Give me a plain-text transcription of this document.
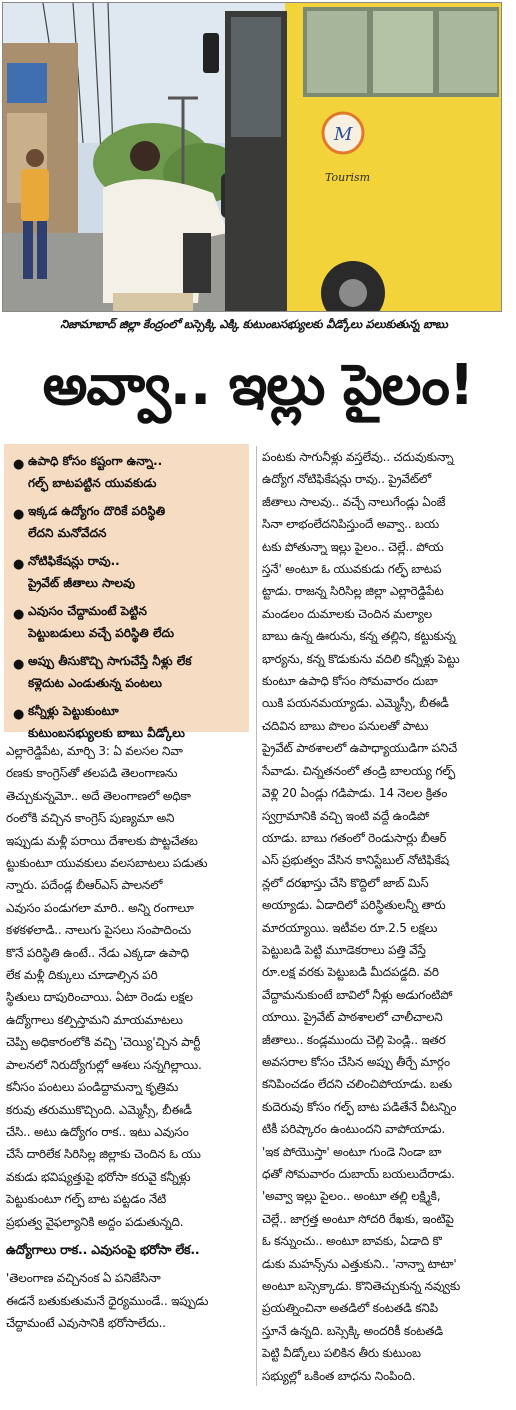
M
Tourism
నిజామాబాద్‌ జిల్లా కేంద్రంలో బస్సెక్కి ఎక్కి కుటుంబసభ్యులకు వీడ్కోలు పలుకుతున్న బాబు
అవ్వా.. ఇల్లు పైలం!
● ఉపాధి కోసం కష్టంగా ఉన్నా..
గల్ఫ్‌ బాటపట్టిన యువకుడు
● ఇక్కడ ఉద్యోగం దొరికే పరిస్థితి
లేదని మనోవేదన
● నోటిఫికేషన్లు రావు..
ప్రైవేట్‌ జీతాలు సాలవు
● ఎవుసం చేద్దామంటే పెట్టిన
పెట్టుబడులు వచ్చే పరిస్థితి లేదు
● అప్పు తీసుకొచ్చి సాగుచేస్తే నీళ్లు లేక
కళ్లెదుట ఎండుతున్న పంటలు
● కన్నీళ్లు పెట్టుకుంటూ
కుటుంబసభ్యులకు బాబు వీడ్కోలు
ఎల్లారెడ్డిపేట, మార్చి 3: ఏ వలసల నివా
రణకు కాంగ్రెస్‌తో తలపడి తెలంగాణను
తెచ్చుకున్నమో.. అదే తెలంగాణలో అధికా
రంలోకి వచ్చిన కాంగ్రెస్‌ పుణ్యమా అని
ఇప్పుడు మళ్లీ పరాయి దేశాలకు పొట్టచేతబ
ట్టుకుంటూ యువకులు వలసబాటలు పడుతు
న్నారు. పదేండ్ల బీఆర్‌ఎస్‌ పాలనలో
ఎవుసం పండుగలా మారి.. అన్ని రంగాలూ
కళకళలాడి.. నాలుగు పైసలు సంపాదించు
కొనే పరిస్థితి ఉంటే.. నేడు ఎక్కడా ఉపాధి
లేక మళ్లీ దిక్కులు చూడాల్సిన పరి
స్థితులు దాపురించాయి. ఏటా రెండు లక్షల
ఉద్యోగాలు కల్పిస్తామని మాయమాటలు
చెప్పి అధికారంలోకి వచ్చి 'చెయ్యి'చ్చిన పార్టీ
పాలనలో నిరుద్యోగుల్లో ఆశలు సన్నగిల్లాయి.
కనీసం పంటలు పండిద్దామన్నా కృత్రిమ
కరువు తరుముకొచ్చింది. ఎమ్మెస్సీ, బీఈడీ
చేసి.. అటు ఉద్యోగం రాక.. ఇటు ఎవుసం
చేసే దారిలేక సిరిసిల్ల జిల్లాకు చెందిన ఓ యు
వకుడు భవిష్యత్తుపై భరోసా కరువై కన్నీళ్లు
పెట్టుకుంటూ గల్ఫ్‌ బాట పట్టడం నేటి
ప్రభుత్వ వైఫల్యానికి అద్దం పడుతున్నది.
ఉద్యోగాలు రాక.. ఎవుసంపై భరోసా లేక..
'తెలంగాణ వచ్చినంక ఏ పనిజేసినా
ఈడనే బతుకుతుమనే ధైర్యముండే.. ఇప్పుడు
చేద్దామంటే ఎవుసానికి భరోసాలేదు..
పంటకు సాగునీళ్లు వస్తలేవు.. చదువుకున్నా
ఉద్యోగ నోటిఫికేషన్లు రావు.. ప్రైవేట్‌లో
జీతాలు సాలవు.. వచ్చే నాలుగేండ్లు ఏంజే
సినా లాభంలేదనిపిస్తుందే అవ్వా.. బయ
టకు పోతున్నా ఇల్లు పైలం.. చెల్లే.. పోయ
స్తనే' అంటూ ఓ యువకుడు గల్ఫ్‌ బాటప
ట్టాడు. రాజన్న సిరిసిల్ల జిల్లా ఎల్లారెడ్డిపేట
మండలం దుమాలకు చెందిన మల్యాల
బాబు ఉన్న ఊరును, కన్న తల్లిని, కట్టుకున్న
భార్యను, కన్న కొడుకును వదిలి కన్నీళ్లు పెట్టు
కుంటూ ఉపాధి కోసం సోమవారం దుబా
యికి పయనమయ్యాడు. ఎమ్మెస్సీ, బీఈడీ
చదివిన బాబు పొలం పనులతో పాటు
ప్రైవేట్‌ పాఠశాలలో ఉపాధ్యాయుడిగా పనిచే
సేవాడు. చిన్నతనంలో తండ్రి బాలయ్య గల్ఫ్‌
వెళ్లి 20 ఏండ్లు గడిపాడు. 14 నెలల క్రితం
స్వగ్రామానికి వచ్చి ఇంటి వద్దే ఉండిపో
యాడు. బాబు గతంలో రెండుసార్లు బీఆర్‌
ఎస్‌ ప్రభుత్వం వేసిన కానిస్టేబుల్‌ నోటిఫికేష
న్లలో దరఖాస్తు చేసి కొద్దిలో జాబ్‌ మిస్‌
అయ్యాడు. ఏడాదిలో పరిస్థితులన్నీ తారు
మారయ్యాయి. ఇటీవల రూ.2.5 లక్షలు
పెట్టుబడి పెట్టి మూడెకరాలు పత్తి వేస్తే
రూ.లక్ష వరకు పెట్టుబడి మీదపడ్డది. వరి
వేద్దామనుకుంటే బావిలో నీళ్లు అడుగంటిపో
యాయి. ప్రైవేట్‌ పాఠశాలలో చాలీచాలని
జీతాలు.. కండ్లముందు చెల్లి పెండ్లి.. ఇతర
అవసరాల కోసం చేసిన అప్పు తీర్చే మార్గం
కనిపించడం లేదని చలించిపోయాడు. బతు
కుదెరువు కోసం గల్ఫ్‌ బాట పడితేనే వీటన్నిం
టికీ పరిష్కారం ఉంటుందని వాపోయాడు.
'ఇక పోయొస్తా' అంటూ గుండె నిండా బా
ధతో సోమవారం దుబాయ్‌ బయలుదేరాడు.
'అవ్వా ఇల్లు పైలం.. అంటూ తల్లి లక్ష్మికి,
చెల్లే.. జాగ్రత్త అంటూ సోదరి రేఖకు, ఇంటిపై
ఓ కన్నుంచు.. అంటూ బావకు, ఏడాది కొ
డుకు మహన్స్‌ను ఎత్తుకుని.. 'నాన్నా టాటా'
అంటూ బస్సెక్కాడు. కొనితెచ్చుకున్న నవ్వుకు
ప్రయత్నించినా అతడిలో కంటతడి కనిపి
స్తూనే ఉన్నది. బస్సెక్కి అందరికీ కంటతడి
పెట్టి వీడ్కోలు పలికిన తీరు కుటుంబ
సభ్యుల్లో ఒకింత బాధను నింపింది.
